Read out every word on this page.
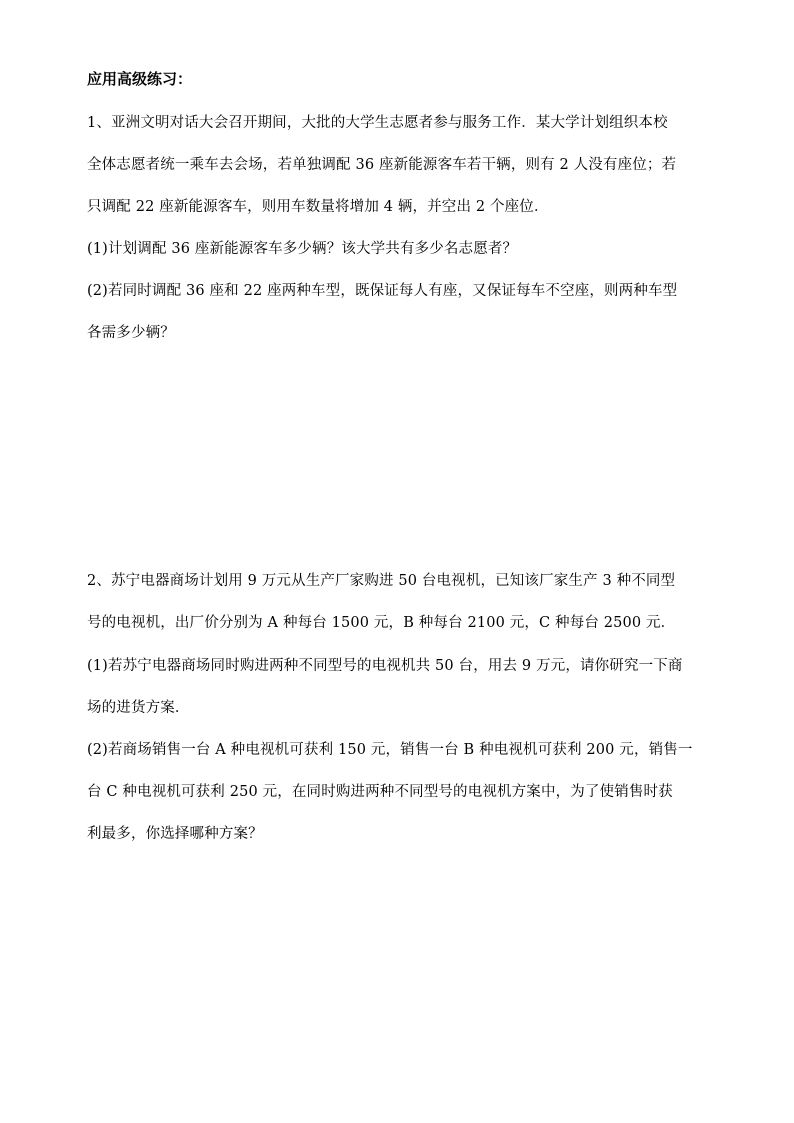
应用高级练习：
1、亚洲文明对话大会召开期间，大批的大学生志愿者参与服务工作．某大学计划组织本校
全体志愿者统一乘车去会场，若单独调配 36 座新能源客车若干辆，则有 2 人没有座位；若
只调配 22 座新能源客车，则用车数量将增加 4 辆，并空出 2 个座位．
(1)计划调配 36 座新能源客车多少辆？该大学共有多少名志愿者？
(2)若同时调配 36 座和 22 座两种车型，既保证每人有座，又保证每车不空座，则两种车型
各需多少辆？
2、苏宁电器商场计划用 9 万元从生产厂家购进 50 台电视机，已知该厂家生产 3 种不同型
号的电视机，出厂价分别为 A 种每台 1500 元，B 种每台 2100 元，C 种每台 2500 元．
(1)若苏宁电器商场同时购进两种不同型号的电视机共 50 台，用去 9 万元，请你研究一下商
场的进货方案．
(2)若商场销售一台 A 种电视机可获利 150 元，销售一台 B 种电视机可获利 200 元，销售一
台 C 种电视机可获利 250 元，在同时购进两种不同型号的电视机方案中，为了使销售时获
利最多，你选择哪种方案？
